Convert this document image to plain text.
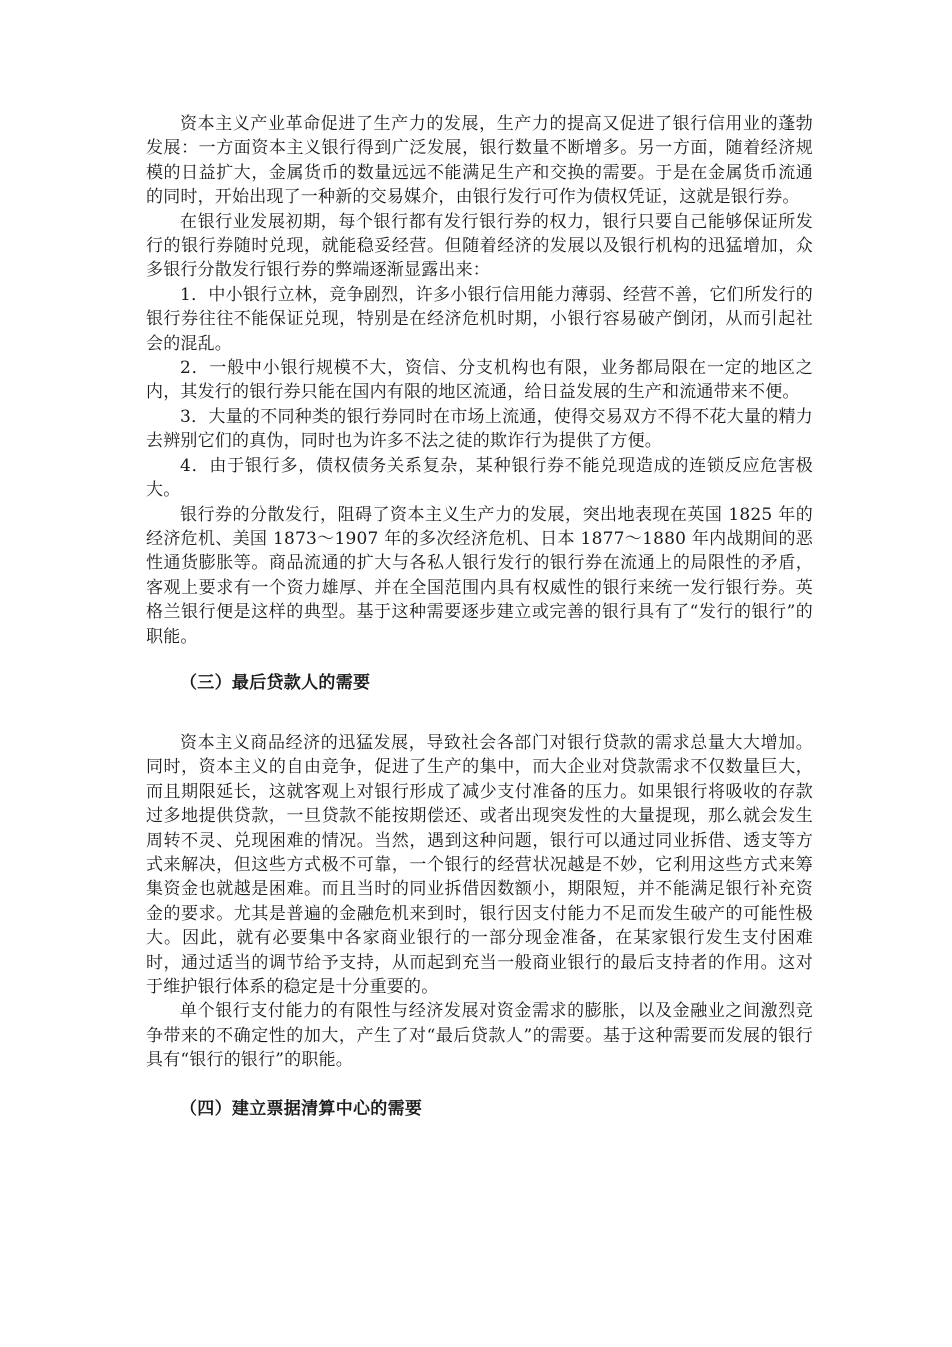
资本主义产业革命促进了生产力的发展，生产力的提高又促进了银行信用业的蓬勃发展：一方面资本主义银行得到广泛发展，银行数量不断增多。另一方面，随着经济规模的日益扩大，金属货币的数量远远不能满足生产和交换的需要。于是在金属货币流通的同时，开始出现了一种新的交易媒介，由银行发行可作为债权凭证，这就是银行券。

在银行业发展初期，每个银行都有发行银行券的权力，银行只要自己能够保证所发行的银行券随时兑现，就能稳妥经营。但随着经济的发展以及银行机构的迅猛增加，众多银行分散发行银行券的弊端逐渐显露出来：

1．中小银行立林，竞争剧烈，许多小银行信用能力薄弱、经营不善，它们所发行的银行券往往不能保证兑现，特别是在经济危机时期，小银行容易破产倒闭，从而引起社会的混乱。

2．一般中小银行规模不大，资信、分支机构也有限，业务都局限在一定的地区之内，其发行的银行券只能在国内有限的地区流通，给日益发展的生产和流通带来不便。

3．大量的不同种类的银行券同时在市场上流通，使得交易双方不得不花大量的精力去辨别它们的真伪，同时也为许多不法之徒的欺诈行为提供了方便。

4．由于银行多，债权债务关系复杂，某种银行券不能兑现造成的连锁反应危害极大。

银行券的分散发行，阻碍了资本主义生产力的发展，突出地表现在英国 1825 年的经济危机、美国 1873～1907 年的多次经济危机、日本 1877～1880 年内战期间的恶性通货膨胀等。商品流通的扩大与各私人银行发行的银行券在流通上的局限性的矛盾，客观上要求有一个资力雄厚、并在全国范围内具有权威性的银行来统一发行银行券。英格兰银行便是这样的典型。基于这种需要逐步建立或完善的银行具有了“发行的银行”的职能。

（三）最后贷款人的需要

资本主义商品经济的迅猛发展，导致社会各部门对银行贷款的需求总量大大增加。同时，资本主义的自由竞争，促进了生产的集中，而大企业对贷款需求不仅数量巨大，而且期限延长，这就客观上对银行形成了减少支付准备的压力。如果银行将吸收的存款过多地提供贷款，一旦贷款不能按期偿还、或者出现突发性的大量提现，那么就会发生周转不灵、兑现困难的情况。当然，遇到这种问题，银行可以通过同业拆借、透支等方式来解决，但这些方式极不可靠，一个银行的经营状况越是不妙，它利用这些方式来筹集资金也就越是困难。而且当时的同业拆借因数额小，期限短，并不能满足银行补充资金的要求。尤其是普遍的金融危机来到时，银行因支付能力不足而发生破产的可能性极大。因此，就有必要集中各家商业银行的一部分现金准备，在某家银行发生支付困难时，通过适当的调节给予支持，从而起到充当一般商业银行的最后支持者的作用。这对于维护银行体系的稳定是十分重要的。

单个银行支付能力的有限性与经济发展对资金需求的膨胀，以及金融业之间激烈竞争带来的不确定性的加大，产生了对“最后贷款人”的需要。基于这种需要而发展的银行具有“银行的银行”的职能。

（四）建立票据清算中心的需要
